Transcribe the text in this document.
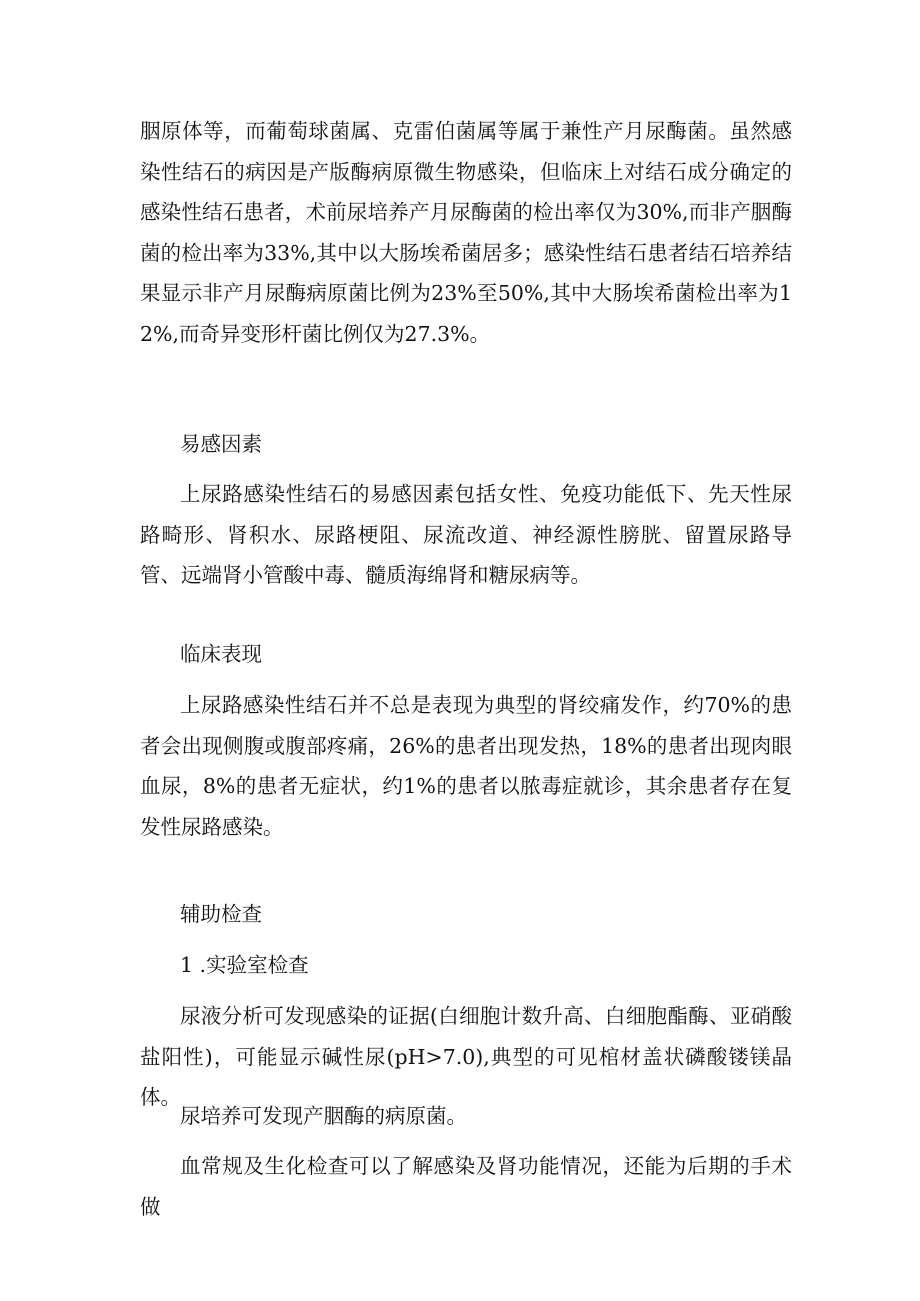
胭原体等，而葡萄球菌属、克雷伯菌属等属于兼性产月尿酶菌。虽然感染性结石的病因是产版酶病原微生物感染，但临床上对结石成分确定的感染性结石患者，术前尿培养产月尿酶菌的检出率仅为30%,而非产胭酶菌的检出率为33%,其中以大肠埃希菌居多；感染性结石患者结石培养结果显示非产月尿酶病原菌比例为23%至50%,其中大肠埃希菌检出率为12%,而奇异变形杆菌比例仅为27.3%。

易感因素

上尿路感染性结石的易感因素包括女性、免疫功能低下、先天性尿路畸形、肾积水、尿路梗阻、尿流改道、神经源性膀胱、留置尿路导管、远端肾小管酸中毒、髓质海绵肾和糖尿病等。

临床表现

上尿路感染性结石并不总是表现为典型的肾绞痛发作，约70%的患者会出现侧腹或腹部疼痛，26%的患者出现发热，18%的患者出现肉眼血尿，8%的患者无症状，约1%的患者以脓毒症就诊，其余患者存在复发性尿路感染。

辅助检查

1 .实验室检查

尿液分析可发现感染的证据(白细胞计数升高、白细胞酯酶、亚硝酸盐阳性)，可能显示碱性尿(pH>7.0),典型的可见棺材盖状磷酸镂镁晶体。

尿培养可发现产胭酶的病原菌。

血常规及生化检查可以了解感染及肾功能情况，还能为后期的手术做
